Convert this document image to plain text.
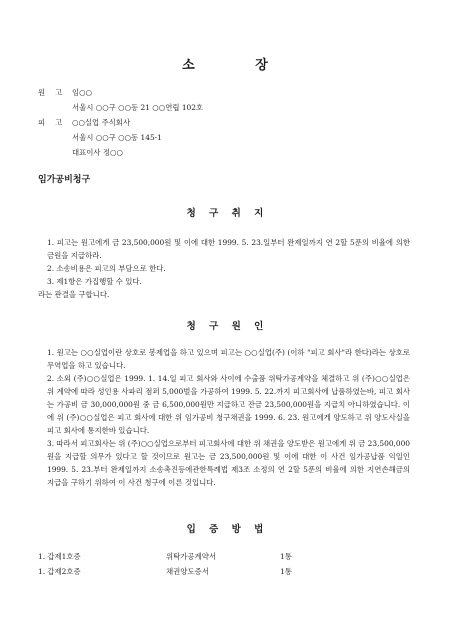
소 장
원고임○○
서울시 ○○구 ○○동 21 ○○연립 102호
피고○○실업 주식회사
서울시 ○○구 ○○동 145-1
대표이사 정○○
임가공비청구
청 구 취 지
1. 피고는 원고에게 금 23,500,000원 및 이에 대한 1999. 5. 23.일부터 완제일까지 연 2할 5푼의 비율에 의한 금원을 지급하라.
2. 소송비용은 피고의 부담으로 한다.
3. 제1항은 가집행할 수 있다.
라는 판결을 구합니다.
청 구 원 인
1. 원고는 ○○실업이란 상호로 봉제업을 하고 있으며 피고는 ○○실업(주) (이하 "피고 회사"라 한다)라는 상호로 무역업을 하고 있습니다.
2. 소외 (주)○○실업은 1999. 1. 14.일 피고 회사와 사이에 수출품 위탁가공계약을 체결하고 위 (주)○○실업은 위 계약에 따라 성인용 사파리 점퍼 5,000벌을 가공하여 1999. 5. 22.까지 피고회사에 납품하였는바, 피고 회사는 가공비 금 30,000,000원 중 금 6,500,000원만 지급하고 잔금 23,500,000원을 지급치 아니하였습니다. 이에 위 (주)○○실업은 피고 회사에 대한 위 임가공비 청구채권을 1999. 6. 23. 원고에게 양도하고 위 양도사실을 피고 회사에 통지한바 있습니다.
3. 따라서 피고회사는 위 (주)○○실업으로부터 피고회사에 대한 위 채권을 양도받은 원고에게 위 금 23,500,000원을 지급할 의무가 있다고 할 것이므로 원고는 금 23,500,000원 및 이에 대한 이 사건 임가공납품 익일인 1999. 5. 23.부터 완제일까지 소송촉진등에관한특례법 제3조 소정의 연 2할 5푼의 비율에 의한 지연손해금의 지급을 구하기 위하여 이 사건 청구에 이른 것입니다.
입 증 방 법
1. 갑제1호증	위탁가공계약서	1통
1. 갑제2호증	채권양도증서	1통
